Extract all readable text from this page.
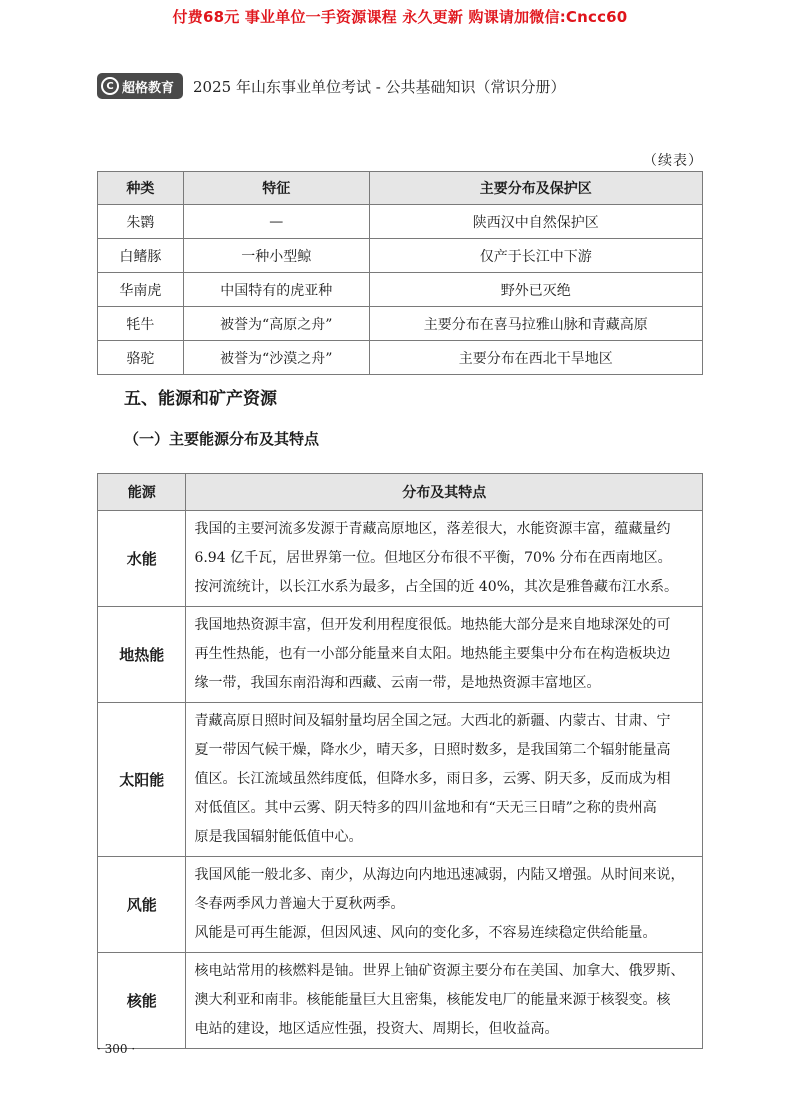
付费68元 事业单位一手资源课程 永久更新 购课请加微信:Cncc60
C 超格教育 2025 年山东事业单位考试 - 公共基础知识（常识分册）
（续表）
种类	特征	主要分布及保护区
朱鹮	—	陕西汉中自然保护区
白鳍豚	一种小型鲸	仅产于长江中下游
华南虎	中国特有的虎亚种	野外已灭绝
牦牛	被誉为“高原之舟”	主要分布在喜马拉雅山脉和青藏高原
骆驼	被誉为“沙漠之舟”	主要分布在西北干旱地区
五、能源和矿产资源
（一）主要能源分布及其特点
能源	分布及其特点
水能	我国的主要河流多发源于青藏高原地区，落差很大，水能资源丰富，蕴藏量约
6.94 亿千瓦，居世界第一位。但地区分布很不平衡，70% 分布在西南地区。
按河流统计，以长江水系为最多，占全国的近 40%，其次是雅鲁藏布江水系。

地热能	我国地热资源丰富，但开发利用程度很低。地热能大部分是来自地球深处的可
再生性热能，也有一小部分能量来自太阳。地热能主要集中分布在构造板块边
缘一带，我国东南沿海和西藏、云南一带，是地热资源丰富地区。

太阳能	青藏高原日照时间及辐射量均居全国之冠。大西北的新疆、内蒙古、甘肃、宁
夏一带因气候干燥，降水少，晴天多，日照时数多，是我国第二个辐射能量高
值区。长江流域虽然纬度低，但降水多，雨日多，云雾、阴天多，反而成为相
对低值区。其中云雾、阴天特多的四川盆地和有“天无三日晴”之称的贵州高
原是我国辐射能低值中心。

风能	我国风能一般北多、南少，从海边向内地迅速减弱，内陆又增强。从时间来说，
冬春两季风力普遍大于夏秋两季。
风能是可再生能源，但因风速、风向的变化多，不容易连续稳定供给能量。

核能	核电站常用的核燃料是铀。世界上铀矿资源主要分布在美国、加拿大、俄罗斯、
澳大利亚和南非。核能能量巨大且密集，核能发电厂的能量来源于核裂变。核
电站的建设，地区适应性强，投资大、周期长，但收益高。
· 300 ·
